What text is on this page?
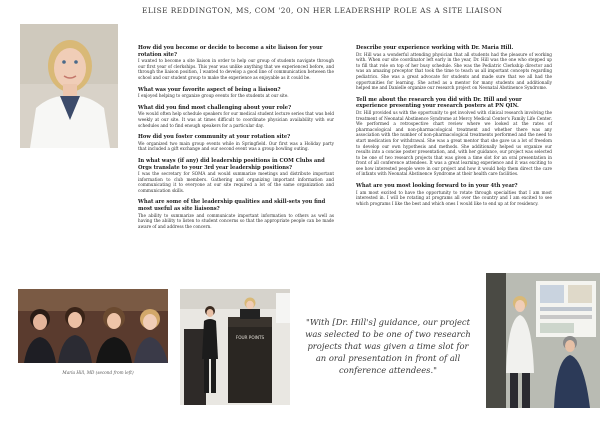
ELISE REDDINGTON, MS, COM '20, ON HER LEADERSHIP ROLE AS A SITE LIAISON
How did you become or decide to become a site liaison for your rotation site?
I wanted to become a site liaison in order to help our group of students navigate through our first year of clerkships. This year was unlike anything that we experienced before, and through the liaison position, I wanted to develop a good line of communication between the school and our student group to make the experience as enjoyable as it could be.
What was your favorite aspect of being a liaison?
I enjoyed helping to organize group events for the students at our site.
What did you find most challenging about your role?
We would often help schedule speakers for our medical student lecture series that was held weekly at our site. It was at times difficult to coordinate physician availability with our schedules and to find enough speakers for a particular day.
How did you foster community at your rotation site?
We organized two main group events while in Springfield. Our first was a Holiday party that included a gift exchange and our second event was a group bowling outing.
In what ways (if any) did leadership positions in COM Clubs and Orgs translate to your 3rd year leadership positions?
I was the secretary for SOMA and would summarize meetings and distribute important information to club members. Gathering and organizing important information and communicating it to everyone at our site required a lot of the same organization and communication skills.
What are some of the leadership qualities and skill-sets you find most useful as site liaisons?
The ability to summarize and communicate important information to others as well as having the ability to listen to student concerns so that the appropriate people can be made aware of and address the concern.
Describe your experience working with Dr. Maria Hill.
Dr. Hill was a wonderful attending physician that all students had the pleasure of working with. When our site coordinator left early in the year, Dr. Hill was the one who stepped up to fill that role on top of her busy schedule. She was the Pediatric Clerkship director and was an amazing preceptor that took the time to teach us all important concepts regarding pediatrics. She was a great advocate for students and made sure that we all had the opportunities for learning. She acted as a mentor for many students and additionally helped me and Danielle organize our research project on Neonatal Abstinence Syndrome.
Tell me about the research you did with Dr. Hill and your experience presenting your research posters at PN QIN.
Dr. Hill provided us with the opportunity to get involved with clinical research involving the treatment of Neonatal Abstinence Syndrome at Mercy Medical Center's Family Life Center. We performed a retrospective chart review where we looked at the rates of pharmacological and non-pharmacological treatment and whether there was any association with the number of non-pharmacological treatments performed and the need to start medication for withdrawal. She was a great mentor that she gave us a lot of freedom to develop our own hypothesis and methods. She additionally helped us organize our results into a concise poster presentation, and, with her guidance, our project was selected to be one of two research projects that was given a time slot for an oral presentation in front of all conference attendees. It was a great learning experience and it was exciting to see how interested people were in our project and how it would help them direct the care of infants with Neonatal Abstinence Syndrome at their health care facilities.
What are you most looking forward to in your 4th year?
I am most excited to have the opportunity to rotate through specialties that I am most interested in. I will be rotating at programs all over the country and I am excited to see which programs I like the best and which ones I would like to end up at for residency.
Maria Hill, MD (second from left)
FOUR POINTS
"With [Dr. Hill's] guidance, our project was selected to be one of two research projects that was given a time slot for an oral presentation in front of all conference attendees."
